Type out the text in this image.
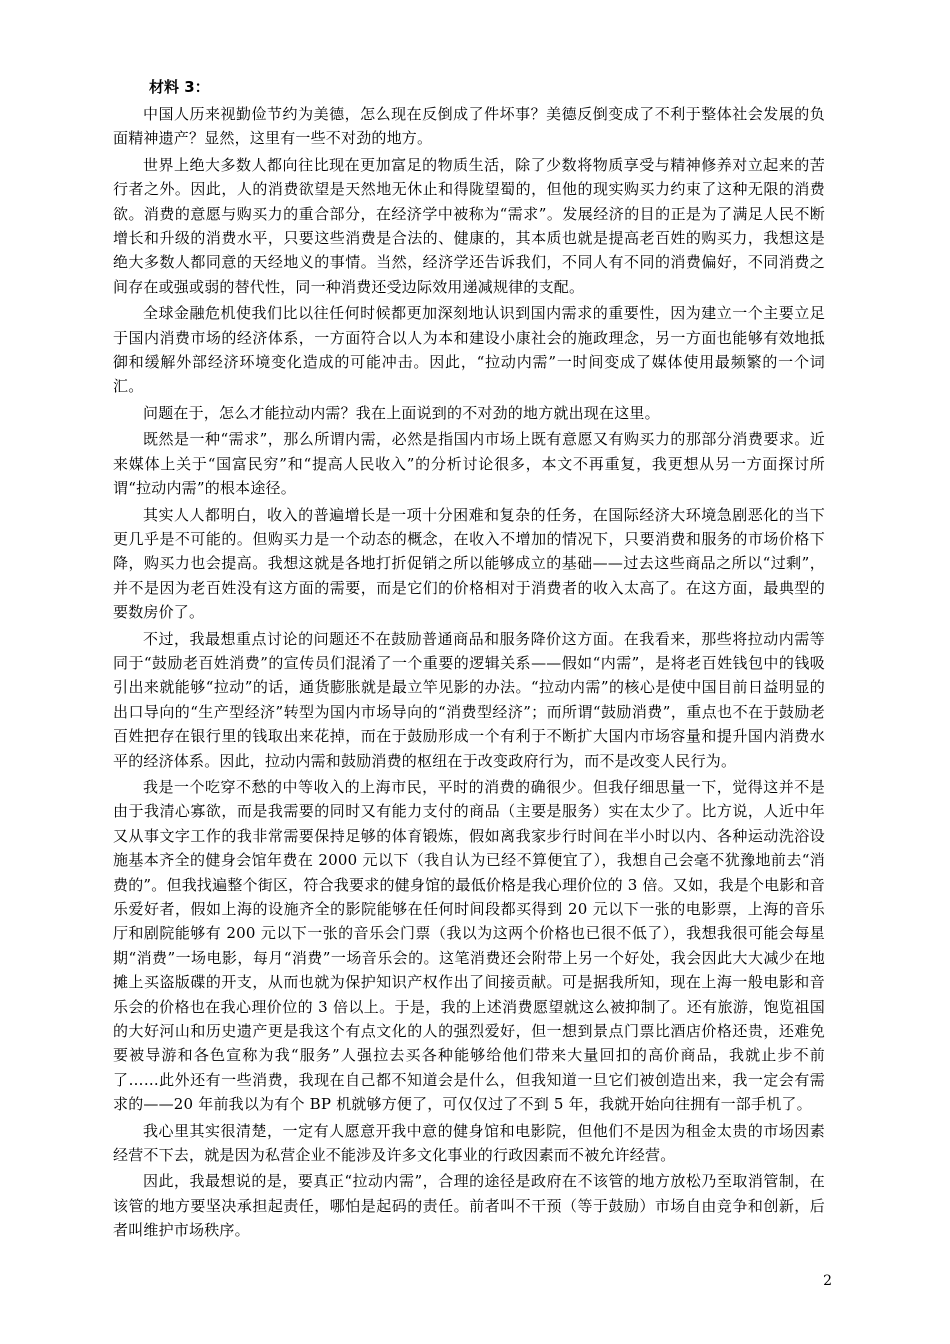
材料 3：

中国人历来视勤俭节约为美德，怎么现在反倒成了件坏事？美德反倒变成了不利于整体社会发展的负面精神遗产？显然，这里有一些不对劲的地方。

世界上绝大多数人都向往比现在更加富足的物质生活，除了少数将物质享受与精神修养对立起来的苦行者之外。因此，人的消费欲望是天然地无休止和得陇望蜀的，但他的现实购买力约束了这种无限的消费欲。消费的意愿与购买力的重合部分，在经济学中被称为“需求”。发展经济的目的正是为了满足人民不断增长和升级的消费水平，只要这些消费是合法的、健康的，其本质也就是提高老百姓的购买力，我想这是绝大多数人都同意的天经地义的事情。当然，经济学还告诉我们，不同人有不同的消费偏好，不同消费之间存在或强或弱的替代性，同一种消费还受边际效用递减规律的支配。

全球金融危机使我们比以往任何时候都更加深刻地认识到国内需求的重要性，因为建立一个主要立足于国内消费市场的经济体系，一方面符合以人为本和建设小康社会的施政理念，另一方面也能够有效地抵御和缓解外部经济环境变化造成的可能冲击。因此，“拉动内需”一时间变成了媒体使用最频繁的一个词汇。

问题在于，怎么才能拉动内需？我在上面说到的不对劲的地方就出现在这里。

既然是一种“需求”，那么所谓内需，必然是指国内市场上既有意愿又有购买力的那部分消费要求。近来媒体上关于“国富民穷”和“提高人民收入”的分析讨论很多，本文不再重复，我更想从另一方面探讨所谓“拉动内需”的根本途径。

其实人人都明白，收入的普遍增长是一项十分困难和复杂的任务，在国际经济大环境急剧恶化的当下更几乎是不可能的。但购买力是一个动态的概念，在收入不增加的情况下，只要消费和服务的市场价格下降，购买力也会提高。我想这就是各地打折促销之所以能够成立的基础——过去这些商品之所以“过剩”，并不是因为老百姓没有这方面的需要，而是它们的价格相对于消费者的收入太高了。在这方面，最典型的要数房价了。

不过，我最想重点讨论的问题还不在鼓励普通商品和服务降价这方面。在我看来，那些将拉动内需等同于“鼓励老百姓消费”的宣传员们混淆了一个重要的逻辑关系——假如“内需”，是将老百姓钱包中的钱吸引出来就能够“拉动”的话，通货膨胀就是最立竿见影的办法。“拉动内需”的核心是使中国目前日益明显的出口导向的“生产型经济”转型为国内市场导向的“消费型经济”；而所谓“鼓励消费”，重点也不在于鼓励老百姓把存在银行里的钱取出来花掉，而在于鼓励形成一个有利于不断扩大国内市场容量和提升国内消费水平的经济体系。因此，拉动内需和鼓励消费的枢纽在于改变政府行为，而不是改变人民行为。

我是一个吃穿不愁的中等收入的上海市民，平时的消费的确很少。但我仔细思量一下，觉得这并不是由于我清心寡欲，而是我需要的同时又有能力支付的商品（主要是服务）实在太少了。比方说，人近中年又从事文字工作的我非常需要保持足够的体育锻炼，假如离我家步行时间在半小时以内、各种运动洗浴设施基本齐全的健身会馆年费在 2000 元以下（我自认为已经不算便宜了），我想自己会毫不犹豫地前去“消费的”。但我找遍整个街区，符合我要求的健身馆的最低价格是我心理价位的 3 倍。又如，我是个电影和音乐爱好者，假如上海的设施齐全的影院能够在任何时间段都买得到 20 元以下一张的电影票，上海的音乐厅和剧院能够有 200 元以下一张的音乐会门票（我以为这两个价格也已很不低了），我想我很可能会每星期“消费”一场电影，每月“消费”一场音乐会的。这笔消费还会附带上另一个好处，我会因此大大减少在地摊上买盗版碟的开支，从而也就为保护知识产权作出了间接贡献。可是据我所知，现在上海一般电影和音乐会的价格也在我心理价位的 3 倍以上。于是，我的上述消费愿望就这么被抑制了。还有旅游，饱览祖国的大好河山和历史遗产更是我这个有点文化的人的强烈爱好，但一想到景点门票比酒店价格还贵，还难免要被导游和各色宣称为我“服务”人强拉去买各种能够给他们带来大量回扣的高价商品，我就止步不前了……此外还有一些消费，我现在自己都不知道会是什么，但我知道一旦它们被创造出来，我一定会有需求的——20 年前我以为有个 BP 机就够方便了，可仅仅过了不到 5 年，我就开始向往拥有一部手机了。

我心里其实很清楚，一定有人愿意开我中意的健身馆和电影院，但他们不是因为租金太贵的市场因素经营不下去，就是因为私营企业不能涉及许多文化事业的行政因素而不被允许经营。

因此，我最想说的是，要真正“拉动内需”，合理的途径是政府在不该管的地方放松乃至取消管制，在该管的地方要坚决承担起责任，哪怕是起码的责任。前者叫不干预（等于鼓励）市场自由竞争和创新，后者叫维护市场秩序。

2
